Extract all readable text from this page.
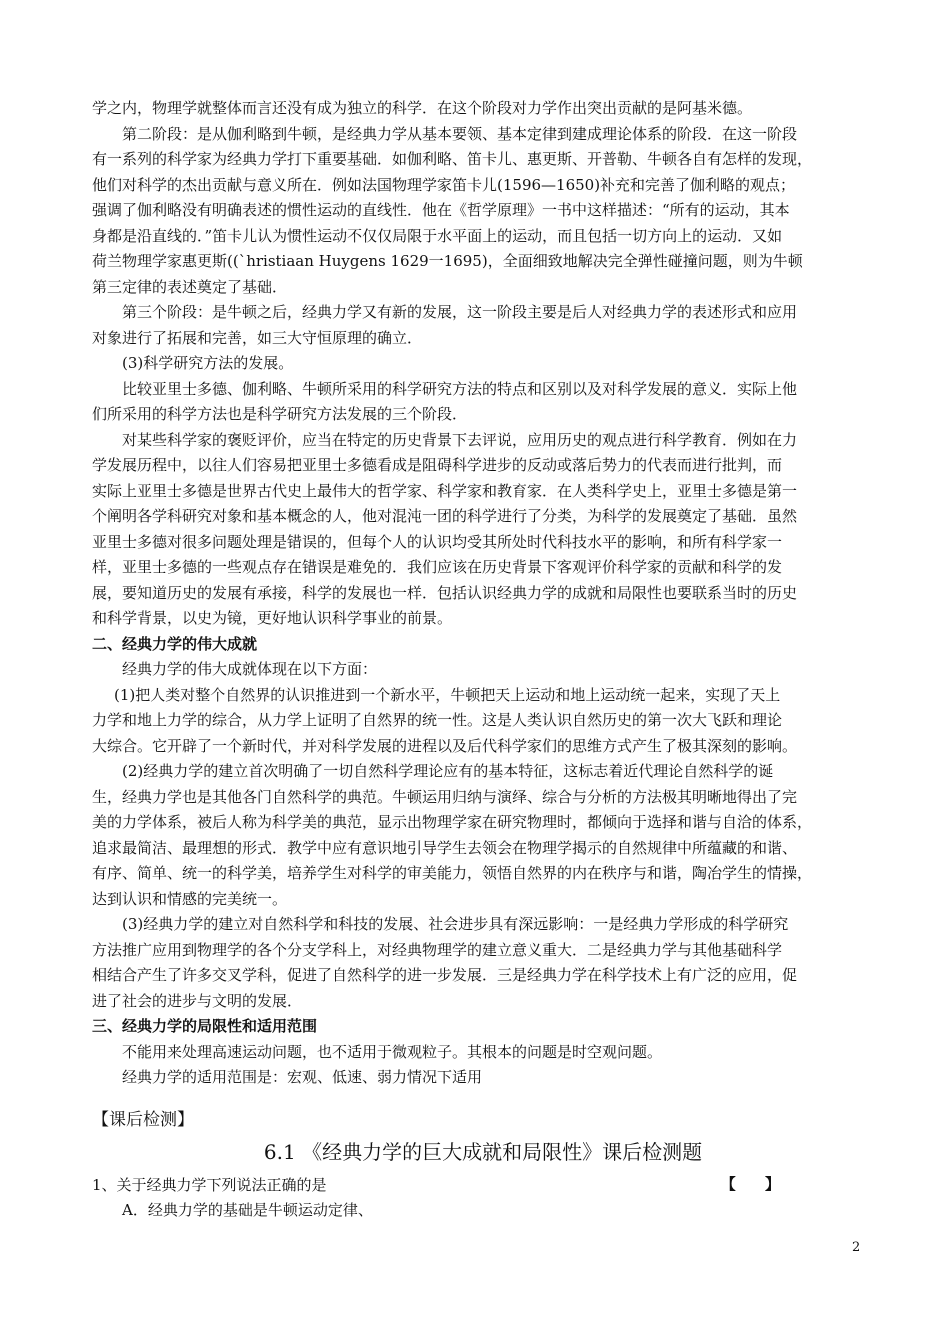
学之内，物理学就整体而言还没有成为独立的科学．在这个阶段对力学作出突出贡献的是阿基米德。

第二阶段：是从伽利略到牛顿，是经典力学从基本要领、基本定律到建成理论体系的阶段．在这一阶段

有一系列的科学家为经典力学打下重要基础．如伽利略、笛卡儿、惠更斯、开普勒、牛顿各自有怎样的发现，

他们对科学的杰出贡献与意义所在．例如法国物理学家笛卡儿(1596—1650)补充和完善了伽利略的观点；

强调了伽利略没有明确表述的惯性运动的直线性．他在《哲学原理》一书中这样描述：“所有的运动，其本

身都是沿直线的．”笛卡儿认为惯性运动不仅仅局限于水平面上的运动，而且包括一切方向上的运动．又如

荷兰物理学家惠更斯((`hristiaan Huygens 1629一1695)，全面细致地解决完全弹性碰撞问题，则为牛顿

第三定律的表述奠定了基础．

第三个阶段：是牛顿之后，经典力学又有新的发展，这一阶段主要是后人对经典力学的表述形式和应用

对象进行了拓展和完善，如三大守恒原理的确立．

(3)科学研究方法的发展。

比较亚里士多德、伽利略、牛顿所采用的科学研究方法的特点和区别以及对科学发展的意义．实际上他

们所采用的科学方法也是科学研究方法发展的三个阶段．

对某些科学家的褒贬评价，应当在特定的历史背景下去评说，应用历史的观点进行科学教育．例如在力

学发展历程中，以往人们容易把亚里士多德看成是阻碍科学进步的反动或落后势力的代表而进行批判，而

实际上亚里士多德是世界古代史上最伟大的哲学家、科学家和教育家．在人类科学史上，亚里士多德是第一

个阐明各学科研究对象和基本概念的人，他对混沌一团的科学进行了分类，为科学的发展奠定了基础．虽然

亚里士多德对很多问题处理是错误的，但每个人的认识均受其所处时代科技水平的影响，和所有科学家一

样，亚里士多德的一些观点存在错误是难免的．我们应该在历史背景下客观评价科学家的贡献和科学的发

展，要知道历史的发展有承接，科学的发展也一样．包括认识经典力学的成就和局限性也要联系当时的历史

和科学背景，以史为镜，更好地认识科学事业的前景。

二、经典力学的伟大成就

经典力学的伟大成就体现在以下方面：

(1)把人类对整个自然界的认识推进到一个新水平，牛顿把天上运动和地上运动统一起来，实现了天上

力学和地上力学的综合，从力学上证明了自然界的统一性。这是人类认识自然历史的第一次大飞跃和理论

大综合。它开辟了一个新时代，并对科学发展的进程以及后代科学家们的思维方式产生了极其深刻的影响。

(2)经典力学的建立首次明确了一切自然科学理论应有的基本特征，这标志着近代理论自然科学的诞

生，经典力学也是其他各门自然科学的典范。牛顿运用归纳与演绎、综合与分析的方法极其明晰地得出了完

美的力学体系，被后人称为科学美的典范，显示出物理学家在研究物理时，都倾向于选择和谐与自洽的体系，

追求最简洁、最理想的形式．教学中应有意识地引导学生去领会在物理学揭示的自然规律中所蕴藏的和谐、

有序、简单、统一的科学美，培养学生对科学的审美能力，领悟自然界的内在秩序与和谐，陶冶学生的情操，

达到认识和情感的完美统一。

(3)经典力学的建立对自然科学和科技的发展、社会进步具有深远影响：一是经典力学形成的科学研究

方法推广应用到物理学的各个分支学科上，对经典物理学的建立意义重大．二是经典力学与其他基础科学

相结合产生了许多交叉学科，促进了自然科学的进一步发展．三是经典力学在科学技术上有广泛的应用，促

进了社会的进步与文明的发展．

三、经典力学的局限性和适用范围

不能用来处理高速运动问题，也不适用于微观粒子。其根本的问题是时空观问题。

经典力学的适用范围是：宏观、低速、弱力情况下适用

【课后检测】

6.1 《经典力学的巨大成就和局限性》课后检测题

1、关于经典力学下列说法正确的是	【 】

A．经典力学的基础是牛顿运动定律、

2
